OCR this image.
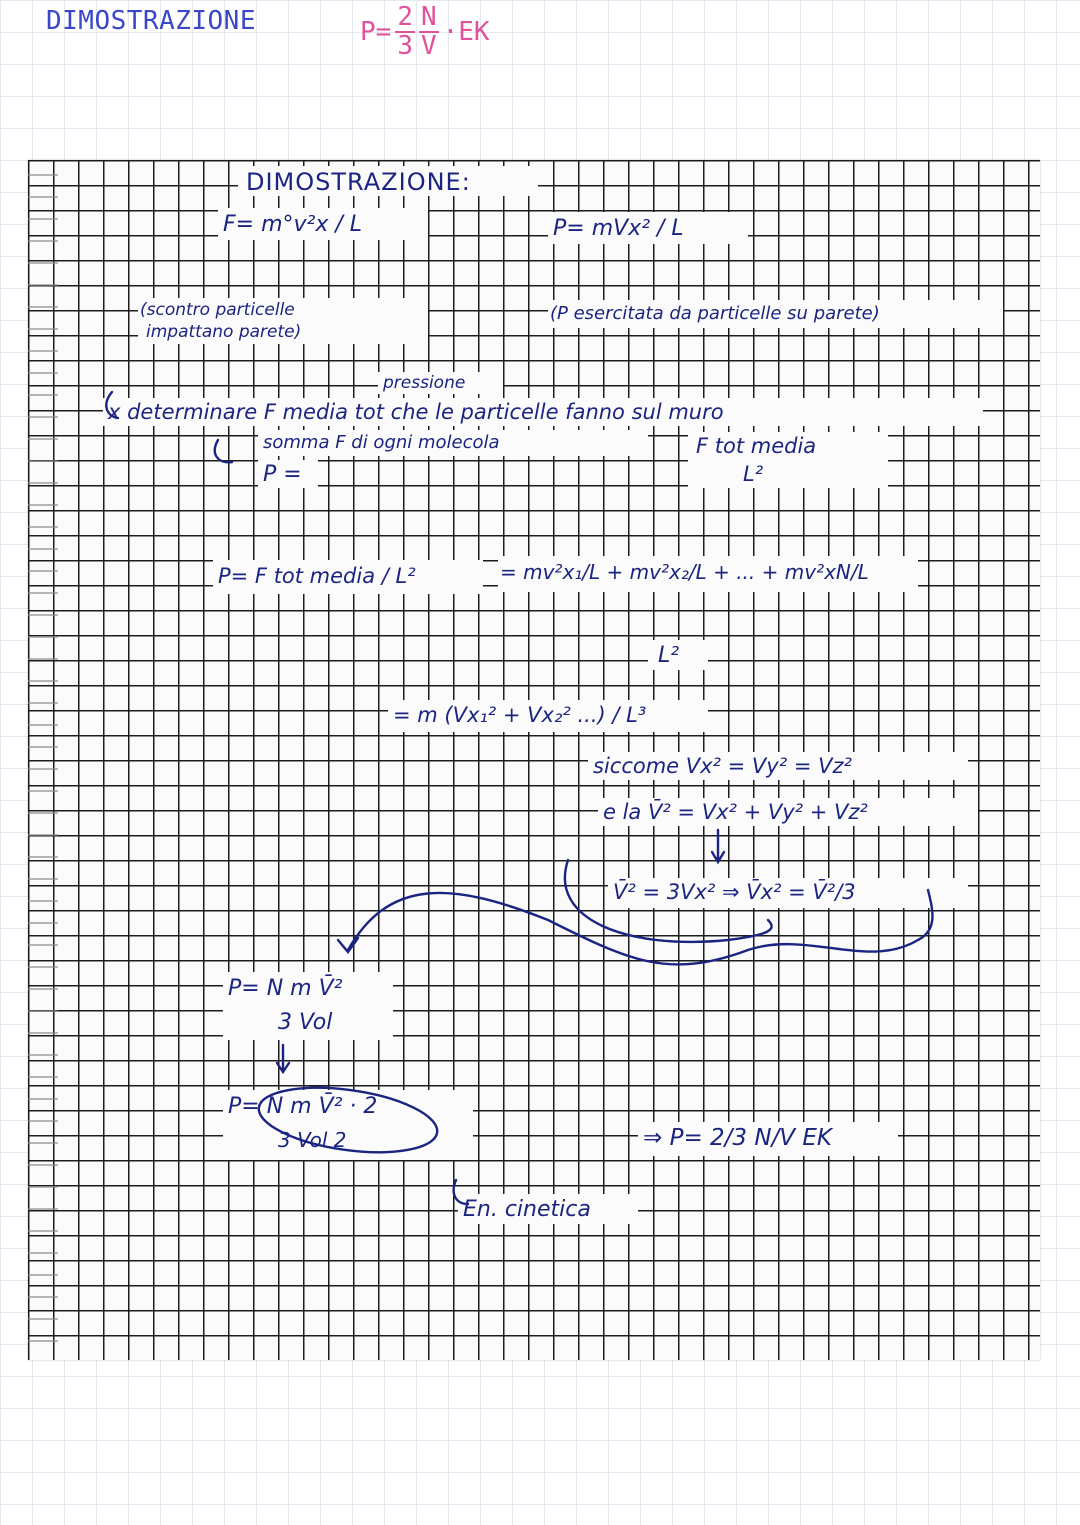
DIMOSTRAZIONE	$P= \frac{2}{3} \frac{N}{V} \cdot EK$
DIMOSTRAZIONE:
F= m°v²x / L
(scontro particelle
impattano parete)
P= mVx² / L
(P esercitata da particelle su parete)
pressione
x determinare F media tot che le particelle fanno sul muro
somma F di ogni molecola
P =
F tot media
L²
P= F tot media / L²	= mv²x₁/L + mv²x₂/L + ... + mv²xN/L
L²
= m (Vx₁² + Vx₂² ...) / L³
siccome Vx² = Vy² = Vz²
e la V̄² = Vx² + Vy² + Vz²
V̄² = 3Vx² ⇒ V̄x² = V̄²/3
P= N m V̄²
3 Vol
P= N m V̄² · 2
3 Vol 2
En. cinetica
⇒ P= 2/3 N/V EK
